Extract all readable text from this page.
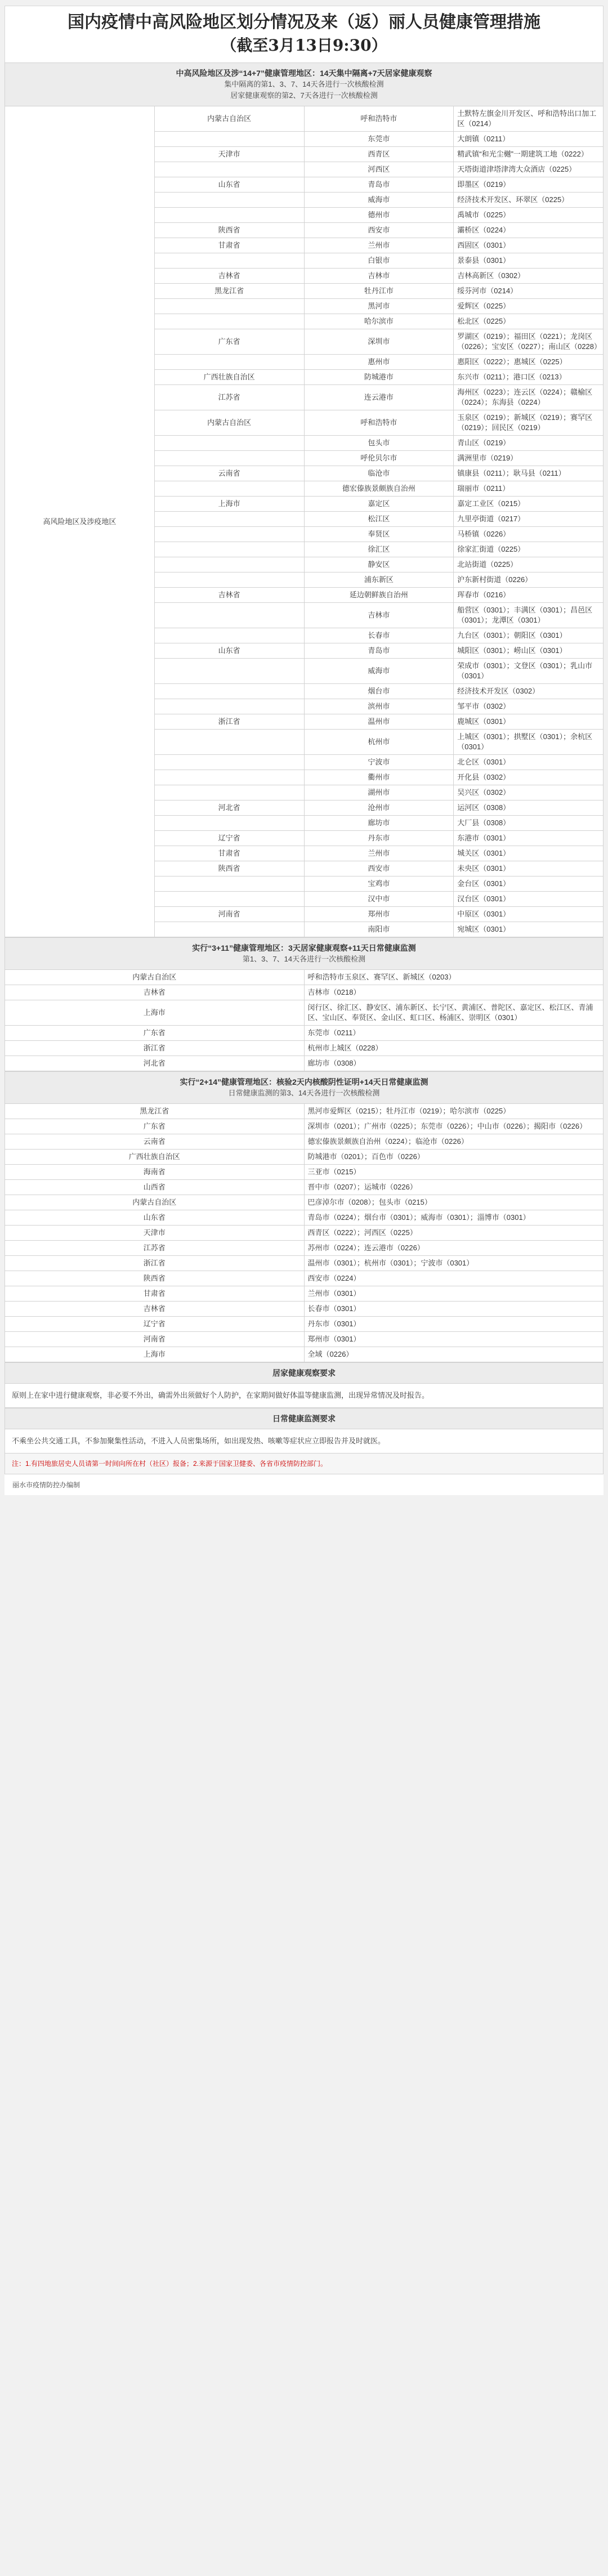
国内疫情中高风险地区划分情况及来（返）丽人员健康管理措施
（截至3月13日9:30）
中高风险地区及涉“14+7”健康管理地区：14天集中隔离+7天居家健康观察
集中隔离的第1、3、7、14天各进行一次核酸检测
居家健康观察的第2、7天各进行一次核酸检测			

高风险地区及涉疫地区	内蒙古自治区	呼和浩特市	土默特左旗金川开发区、呼和浩特出口加工区（0214）
		东莞市	大朗镇（0211）
	天津市	西青区	精武镇“和光尘樾”一期建筑工地（0222）
		河西区	天塔街道津塔津湾大众酒店（0225）
	山东省	青岛市	即墨区（0219）
		威海市	经济技术开发区、环翠区（0225）
		德州市	禹城市（0225）
	陕西省	西安市	灞桥区（0224）
	甘肃省	兰州市	西固区（0301）
		白银市	景泰县（0301）
	吉林省	吉林市	吉林高新区（0302）
	黑龙江省	牡丹江市	绥芬河市（0214）
		黑河市	爱辉区（0225）
		哈尔滨市	松北区（0225）
	广东省	深圳市	罗湖区（0219）；福田区（0221）；龙岗区（0226）；宝安区（0227）；南山区（0228）
		惠州市	惠阳区（0222）；惠城区（0225）
	广西壮族自治区	防城港市	东兴市（0211）；港口区（0213）
	江苏省	连云港市	海州区（0223）；连云区（0224）；赣榆区（0224）；东海县（0224）
	内蒙古自治区	呼和浩特市	玉泉区（0219）；新城区（0219）；赛罕区（0219）；回民区（0219）
		包头市	青山区（0219）
		呼伦贝尔市	满洲里市（0219）
	云南省	临沧市	镇康县（0211）；耿马县（0211）
		德宏傣族景颇族自治州	瑞丽市（0211）
	上海市	嘉定区	嘉定工业区（0215）
		松江区	九里亭街道（0217）
		奉贤区	马桥镇（0226）
		徐汇区	徐家汇街道（0225）
		静安区	北站街道（0225）
		浦东新区	沪东新村街道（0226）
	吉林省	延边朝鲜族自治州	珲春市（0216）
		吉林市	船营区（0301）；丰满区（0301）；昌邑区（0301）；龙潭区（0301）
		长春市	九台区（0301）；朝阳区（0301）
	山东省	青岛市	城阳区（0301）；崂山区（0301）
		威海市	荣成市（0301）；文登区（0301）；乳山市（0301）
		烟台市	经济技术开发区（0302）
		滨州市	邹平市（0302）
	浙江省	温州市	鹿城区（0301）
		杭州市	上城区（0301）；拱墅区（0301）；余杭区（0301）
		宁波市	北仑区（0301）
		衢州市	开化县（0302）
		湖州市	吴兴区（0302）
	河北省	沧州市	运河区（0308）
		廊坊市	大厂县（0308）
	辽宁省	丹东市	东港市（0301）
	甘肃省	兰州市	城关区（0301）
	陕西省	西安市	未央区（0301）
		宝鸡市	金台区（0301）
		汉中市	汉台区（0301）
	河南省	郑州市	中原区（0301）
		南阳市	宛城区（0301）
实行“3+11”健康管理地区：3天居家健康观察+11天日常健康监测
第1、3、7、14天各进行一次核酸检测	

内蒙古自治区	呼和浩特市玉泉区、赛罕区、新城区（0203）
吉林省	吉林市（0218）
上海市	闵行区、徐汇区、静安区、浦东新区、长宁区、黄浦区、普陀区、嘉定区、松江区、青浦区、宝山区、奉贤区、金山区、虹口区、杨浦区、崇明区（0301）
广东省	东莞市（0211）
浙江省	杭州市上城区（0228）
河北省	廊坊市（0308）
实行“2+14”健康管理地区：核验2天内核酸阴性证明+14天日常健康监测
日常健康监测的第3、14天各进行一次核酸检测	

黑龙江省	黑河市爱辉区（0215）；牡丹江市（0219）；哈尔滨市（0225）
广东省	深圳市（0201）；广州市（0225）；东莞市（0226）；中山市（0226）；揭阳市（0226）
云南省	德宏傣族景颇族自治州（0224）；临沧市（0226）
广西壮族自治区	防城港市（0201）；百色市（0226）
海南省	三亚市（0215）
山西省	晋中市（0207）；运城市（0226）
内蒙古自治区	巴彦淖尔市（0208）；包头市（0215）
山东省	青岛市（0224）；烟台市（0301）；威海市（0301）；淄博市（0301）
天津市	西青区（0222）；河西区（0225）
江苏省	苏州市（0224）；连云港市（0226）
浙江省	温州市（0301）；杭州市（0301）；宁波市（0301）
陕西省	西安市（0224）
甘肃省	兰州市（0301）
吉林省	长春市（0301）
辽宁省	丹东市（0301）
河南省	郑州市（0301）
上海市	全域（0226）
居家健康观察要求
原则上在家中进行健康观察，非必要不外出，确需外出须做好个人防护，在家期间做好体温等健康监测，出现异常情况及时报告。
日常健康监测要求
不乘坐公共交通工具，不参加聚集性活动，不进入人员密集场所，如出现发热、咳嗽等症状应立即报告并及时就医。
注：1.有四地旅居史人员请第一时间向所在村（社区）报备；2.来源于国家卫健委、各省市疫情防控部门。
丽水市疫情防控办编制
